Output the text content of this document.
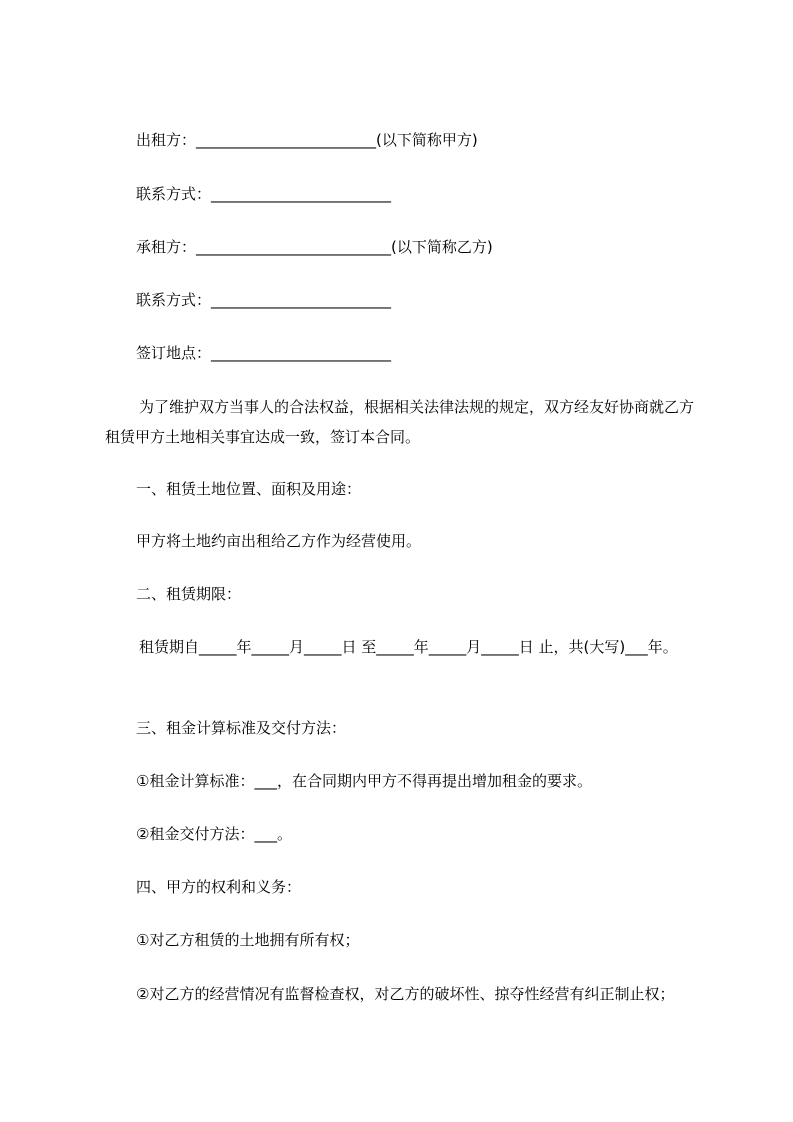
出租方：________________________(以下简称甲方)
联系方式：________________________
承租方：__________________________(以下简称乙方)
联系方式：________________________
签订地点：________________________
为了维护双方当事人的合法权益，根据相关法律法规的规定，双方经友好协商就乙方租赁甲方土地相关事宜达成一致，签订本合同。
一、租赁土地位置、面积及用途：
甲方将土地约亩出租给乙方作为经营使用。
二、租赁期限：
租赁期自_____年_____月_____日 至_____年_____月_____日 止，共(大写)___年。
三、租金计算标准及交付方法：
①租金计算标准：___，在合同期内甲方不得再提出增加租金的要求。
②租金交付方法：___。
四、甲方的权利和义务：
①对乙方租赁的土地拥有所有权；
②对乙方的经营情况有监督检查权，对乙方的破坏性、掠夺性经营有纠正制止权；
